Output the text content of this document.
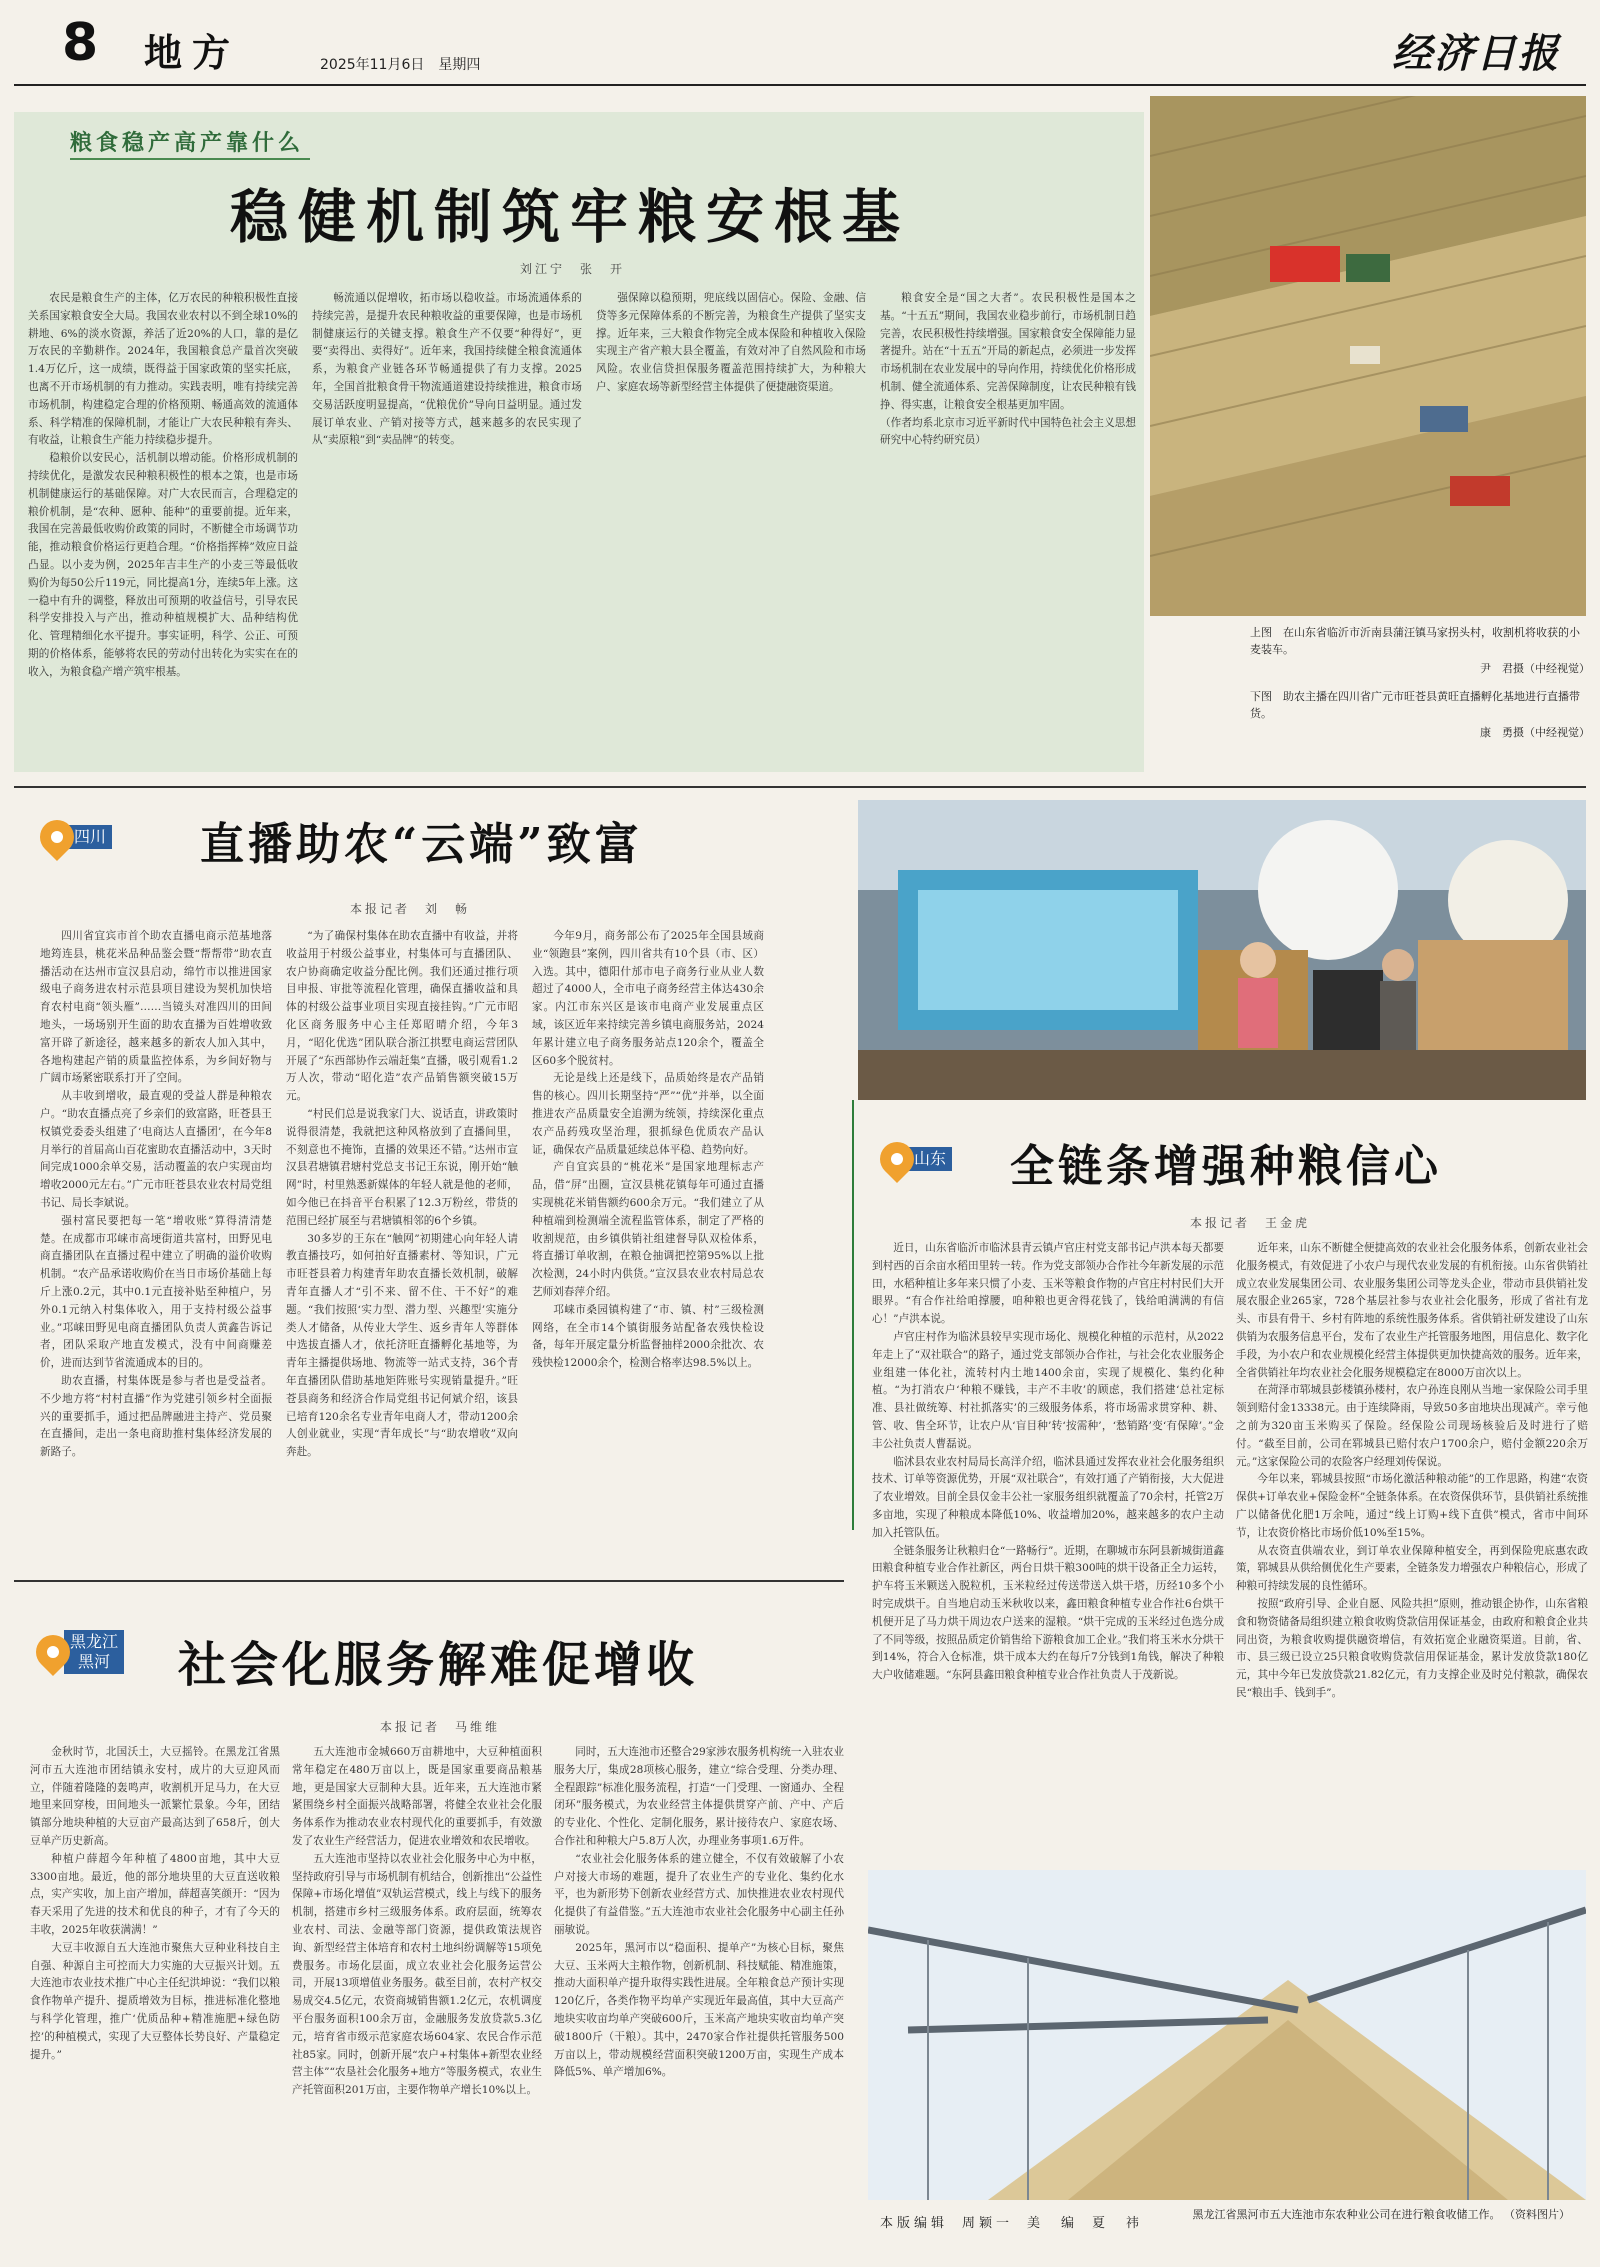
8 地方	2025年11月6日　星期四	经济日报
粮食稳产高产靠什么
稳健机制筑牢粮安根基
刘江宁　张　开

农民是粮食生产的主体，亿万农民的种粮积极性直接关系国家粮食安全大局。我国农业农村以不到全球10%的耕地、6%的淡水资源，养活了近20%的人口，靠的是亿万农民的辛勤耕作。2024年，我国粮食总产量首次突破1.4万亿斤，这一成绩，既得益于国家政策的坚实托底，也离不开市场机制的有力推动。实践表明，唯有持续完善市场机制，构建稳定合理的价格预期、畅通高效的流通体系、科学精准的保障机制，才能让广大农民种粮有奔头、有收益，让粮食生产能力持续稳步提升。

稳粮价以安民心，活机制以增动能。价格形成机制的持续优化，是激发农民种粮积极性的根本之策，也是市场机制健康运行的基础保障。对广大农民而言，合理稳定的粮价机制，是“农种、愿种、能种”的重要前提。近年来，我国在完善最低收购价政策的同时，不断健全市场调节功能，推动粮食价格运行更趋合理。“价格指挥棒”效应日益凸显。以小麦为例，2025年吉丰生产的小麦三等最低收购价为每50公斤119元，同比提高1分，连续5年上涨。这一稳中有升的调整，释放出可预期的收益信号，引导农民科学安排投入与产出，推动种植规模扩大、品种结构优化、管理精细化水平提升。事实证明，科学、公正、可预期的价格体系，能够将农民的劳动付出转化为实实在在的收入，为粮食稳产增产筑牢根基。

畅流通以促增收，拓市场以稳收益。市场流通体系的持续完善，是提升农民种粮收益的重要保障，也是市场机制健康运行的关键支撑。粮食生产不仅要“种得好”，更要“卖得出、卖得好”。近年来，我国持续健全粮食流通体系，为粮食产业链各环节畅通提供了有力支撑。2025年，全国首批粮食骨干物流通道建设持续推进，粮食市场交易活跃度明显提高，“优粮优价”导向日益明显。通过发展订单农业、产销对接等方式，越来越多的农民实现了从“卖原粮”到“卖品牌”的转变。

强保障以稳预期，兜底线以固信心。保险、金融、信贷等多元保障体系的不断完善，为粮食生产提供了坚实支撑。近年来，三大粮食作物完全成本保险和种植收入保险实现主产省产粮大县全覆盖，有效对冲了自然风险和市场风险。农业信贷担保服务覆盖范围持续扩大，为种粮大户、家庭农场等新型经营主体提供了便捷融资渠道。

粮食安全是“国之大者”。农民积极性是国本之基。“十五五”期间，我国农业稳步前行，市场机制日趋完善，农民积极性持续增强。国家粮食安全保障能力显著提升。站在“十五五”开局的新起点，必须进一步发挥市场机制在农业发展中的导向作用，持续优化价格形成机制、健全流通体系、完善保障制度，让农民种粮有钱挣、得实惠，让粮食安全根基更加牢固。

（作者均系北京市习近平新时代中国特色社会主义思想研究中心特约研究员）

上图　在山东省临沂市沂南县蒲汪镇马家拐头村，收割机将收获的小麦装车。
尹　君摄（中经视觉）
下图　助农主播在四川省广元市旺苍县黄旺直播孵化基地进行直播带货。
康　勇摄（中经视觉）
四川 直播助农“云端”致富
本报记者　刘　畅

四川省宜宾市首个助农直播电商示范基地落地筠连县，桃花米品种品鉴会暨“帮帮带”助农直播活动在达州市宣汉县启动，绵竹市以推进国家级电子商务进农村示范县项目建设为契机加快培育农村电商“领头雁”……当镜头对准四川的田间地头，一场场别开生面的助农直播为百姓增收致富开辟了新途径，越来越多的新农人加入其中，各地构建起产销的质量监控体系，为乡间好物与广阔市场紧密联系打开了空间。

从丰收到增收，最直观的受益人群是种粮农户。“助农直播点亮了乡亲们的致富路，旺苍县王权镇党委委头组建了‘电商达人直播团’，在今年8月举行的首届高山百花蜜助农直播活动中，3天时间完成1000余单交易，活动覆盖的农户实现亩均增收2000元左右。”广元市旺苍县农业农村局党组书记、局长李斌说。

强村富民要把每一笔“增收账”算得清清楚楚。在成都市邛崃市高埂街道共富村，田野见电商直播团队在直播过程中建立了明确的溢价收购机制。“农产品承诺收购价在当日市场价基础上每斤上涨0.2元，其中0.1元直接补贴至种植户，另外0.1元纳入村集体收入，用于支持村级公益事业。”邛崃田野见电商直播团队负责人黄鑫告诉记者，团队采取产地直发模式，没有中间商赚差价，进而达到节省流通成本的目的。

助农直播，村集体既是参与者也是受益者。不少地方将“村村直播”作为党建引领乡村全面振兴的重要抓手，通过把品牌融进主持产、党员聚在直播间，走出一条电商助推村集体经济发展的新路子。

“为了确保村集体在助农直播中有收益，并将收益用于村级公益事业，村集体可与直播团队、农户协商确定收益分配比例。我们还通过推行项目申报、审批等流程化管理，确保直播收益和具体的村级公益事业项目实现直接挂钩。”广元市昭化区商务服务中心主任郑昭晴介绍，今年3月，“昭化优选”团队联合浙江拱墅电商运营团队开展了“东西部协作云端赶集”直播，吸引观看1.2万人次，带动“昭化造”农产品销售额突破15万元。

“村民们总是说我家门大、说话直，讲政策时说得很清楚，我就把这种风格放到了直播间里，不刻意也不掩饰，直播的效果还不错。”达州市宣汉县君塘镇君塘村党总支书记王东说，刚开始“触网”时，村里熟悉新媒体的年轻人就是他的老师，如今他已在抖音平台积累了12.3万粉丝，带货的范围已经扩展至与君塘镇相邻的6个乡镇。

30多岁的王东在“触网”初期建心向年轻人请教直播技巧，如何拍好直播素材、等知识，广元市旺苍县着力构建青年助农直播长效机制，破解青年直播人才“引不来、留不住、干不好”的难题。“我们按照‘实力型、潜力型、兴趣型’实施分类人才储备，从传业大学生、返乡青年人等群体中选拔直播人才，依托济旺直播孵化基地等，为青年主播提供场地、物流等一站式支持，36个青年直播团队借助基地矩阵账号实现销量提升。”旺苍县商务和经济合作局党组书记何斌介绍，该县已培育120余名专业青年电商人才，带动1200余人创业就业，实现“青年成长”与“助农增收”双向奔赴。

今年9月，商务部公布了2025年全国县域商业“领跑县”案例，四川省共有10个县（市、区）入选。其中，德阳什邡市电子商务行业从业人数超过了4000人，全市电子商务经营主体达430余家。内江市东兴区是该市电商产业发展重点区域，该区近年来持续完善乡镇电商服务站，2024年累计建立电子商务服务站点120余个，覆盖全区60多个脱贫村。

无论是线上还是线下，品质始终是农产品销售的核心。四川长期坚持“严”“优”并举，以全面推进农产品质量安全追溯为统领，持续深化重点农产品药残攻坚治理，狠抓绿色优质农产品认证，确保农产品质量延续总体平稳、趋势向好。

产自宜宾县的“桃花米”是国家地理标志产品，借“屏”出圈，宣汉县桃花镇每年可通过直播实现桃花米销售额约600余万元。“我们建立了从种植端到检测端全流程监管体系，制定了严格的收割规范，由乡镇供销社组建督导队双检体系，将直播订单收割，在粮仓抽调把控第95%以上批次检测，24小时内供货。”宣汉县农业农村局总农艺师刘春萍介绍。

邛崃市桑园镇构建了“市、镇、村”三级检测网络，在全市14个镇街服务站配备农残快检设备，每年开展定量分析监督抽样2000余批次、农残快检12000余个，检测合格率达98.5%以上。

山东 全链条增强种粮信心
本报记者　王金虎

近日，山东省临沂市临沭县青云镇卢官庄村党支部书记卢洪本每天都要到村西的百余亩水稻田里转一转。作为党支部领办合作社今年新发展的示范田，水稻种植让多年来只惯了小麦、玉米等粮食作物的卢官庄村村民们大开眼界。“有合作社给咱撑腰，咱种粮也更舍得花钱了，钱给咱满满的有信心！”卢洪本说。

卢官庄村作为临沭县较早实现市场化、规模化种植的示范村，从2022年走上了“双社联合”的路子，通过党支部领办合作社，与社会化农业服务企业组建一体化社，流转村内土地1400余亩，实现了规模化、集约化种植。“为打消农户‘种粮不赚钱，丰产不丰收’的顾虑，我们搭建‘总社定标准、县社做统筹、村社抓落实’的三级服务体系，将市场需求贯穿种、耕、管、收、售全环节，让农户从‘盲目种’转‘按需种’，‘愁销路’变‘有保障’。”金丰公社负责人曹磊说。

临沭县农业农村局局长高洋介绍，临沭县通过发挥农业社会化服务组织技术、订单等资源优势，开展“双社联合”，有效打通了产销衔接，大大促进了农业增效。目前全县仅金丰公社一家服务组织就覆盖了70余村，托管2万多亩地，实现了种粮成本降低10%、收益增加20%，越来越多的农户主动加入托管队伍。

全链条服务让秋粮归仓“一路畅行”。近期，在聊城市东阿县新城街道鑫田粮食种植专业合作社新区，两台日烘干粮300吨的烘干设备正全力运转，护车将玉米颗送入脱粒机，玉米粒经过传送带送入烘干塔，历经10多个小时完成烘干。自当地启动玉米秋收以来，鑫田粮食种植专业合作社6台烘干机便开足了马力烘干周边农户送来的湿粮。“烘干完成的玉米经过色选分成了不同等级，按照品质定价销售给下游粮食加工企业。”我们将玉米水分烘干到14%，符合入仓标准，烘干成本大约在每斤7分钱到1角钱，解决了种粮大户收储难题。“东阿县鑫田粮食种植专业合作社负责人于茂新说。

近年来，山东不断健全便捷高效的农业社会化服务体系，创新农业社会化服务模式，有效促进了小农户与现代农业发展的有机衔接。山东省供销社成立农业发展集团公司、农业服务集团公司等龙头企业，带动市县供销社发展农服企业265家，728个基层社参与农业社会化服务，形成了省社有龙头、市县有骨干、乡村有阵地的系统性服务体系。省供销社研发建设了山东供销为农服务信息平台，发布了农业生产托管服务地图，用信息化、数字化手段，为小农户和农业规模化经营主体提供更加快捷高效的服务。近年来，全省供销社年均农业社会化服务规模稳定在8000万亩次以上。

在菏泽市郓城县彭楼镇孙楼村，农户孙连良刚从当地一家保险公司手里领到赔付金13338元。由于连续降雨，导致50多亩地块出现减产。幸亏他之前为320亩玉米购买了保险。经保险公司现场核验后及时进行了赔付。“截至目前，公司在郓城县已赔付农户1700余户，赔付金额220余万元。”这家保险公司的农险客户经理刘传保说。

今年以来，郓城县按照“市场化激活种粮动能”的工作思路，构建“农资保供+订单农业+保险金杯”全链条体系。在农资保供环节，县供销社系统推广以储备优化肥1万余吨，通过“线上订购+线下直供”模式，省市中间环节，让农资价格比市场价低10%至15%。

从农资直供端农业，到订单农业保障种植安全，再到保险兜底惠农政策，郓城县从供给侧优化生产要素，全链条发力增强农户种粮信心，形成了种粮可持续发展的良性循环。

按照“政府引导、企业自愿、风险共担”原则，推动银企协作，山东省粮食和物资储备局组织建立粮食收购贷款信用保证基金，由政府和粮食企业共同出资，为粮食收购提供融资增信，有效拓宽企业融资渠道。目前，省、市、县三级已设立25只粮食收购贷款信用保证基金，累计发放贷款180亿元，其中今年已发放贷款21.82亿元，有力支撑企业及时兑付粮款，确保农民“粮出手、钱到手”。

黑龙江
黑河 社会化服务解难促增收
本报记者　马维维

金秋时节，北国沃土，大豆摇铃。在黑龙江省黑河市五大连池市团结镇永安村，成片的大豆迎风而立，伴随着隆隆的轰鸣声，收割机开足马力，在大豆地里来回穿梭，田间地头一派繁忙景象。今年，团结镇部分地块种植的大豆亩产最高达到了658斤，创大豆单产历史新高。

种植户薛超今年种植了4800亩地，其中大豆3300亩地。最近，他的部分地块里的大豆直送收粮点，实产实收，加上亩产增加，薛超喜笑颜开：“因为春天采用了先进的技术和优良的种子，才有了今天的丰收，2025年收获满满！”

大豆丰收源自五大连池市聚焦大豆种业科技自主自强、种源自主可控而大力实施的大豆振兴计划。五大连池市农业技术推广中心主任纪洪坤说：“我们以粮食作物单产提升、提质增效为目标，推进标准化整地与科学化管理，推广‘优质品种+精准施肥+绿色防控’的种植模式，实现了大豆整体长势良好、产量稳定提升。”

五大连池市金城660万亩耕地中，大豆种植面积常年稳定在480万亩以上，既是国家重要商品粮基地，更是国家大豆制种大县。近年来，五大连池市紧紧围绕乡村全面振兴战略部署，将健全农业社会化服务体系作为推动农业农村现代化的重要抓手，有效激发了农业生产经营活力，促进农业增效和农民增收。

五大连池市坚持以农业社会化服务中心为中枢，坚持政府引导与市场机制有机结合，创新推出“公益性保障+市场化增值”双轨运营模式，线上与线下的服务机制，搭建市乡村三级服务体系。政府层面，统筹农业农村、司法、金融等部门资源，提供政策法规咨询、新型经营主体培育和农村土地纠纷调解等15项免费服务。市场化层面，成立农业社会化服务运营公司，开展13项增值业务服务。截至目前，农村产权交易成交4.5亿元，农资商城销售额1.2亿元，农机调度平台服务面积100余万亩，金融服务发放贷款5.3亿元，培育省市级示范家庭农场604家、农民合作示范社85家。同时，创新开展“农户+村集体+新型农业经营主体”“农垦社会化服务+地方”等服务模式，农业生产托管面积201万亩，主要作物单产增长10%以上。

同时，五大连池市还整合29家涉农服务机构统一入驻农业服务大厅，集成28项核心服务，建立“综合受理、分类办理、全程跟踪”标准化服务流程，打造“一门受理、一窗通办、全程闭环”服务模式，为农业经营主体提供贯穿产前、产中、产后的专业化、个性化、定制化服务，累计接待农户、家庭农场、合作社和种粮大户5.8万人次，办理业务事项1.6万件。

“农业社会化服务体系的建立健全，不仅有效破解了小农户对接大市场的难题，提升了农业生产的专业化、集约化水平，也为新形势下创新农业经营方式、加快推进农业农村现代化提供了有益借鉴。”五大连池市农业社会化服务中心副主任孙丽敏说。

2025年，黑河市以“稳面积、提单产”为核心目标，聚焦大豆、玉米两大主粮作物，创新机制、科技赋能、精准施策，推动大面积单产提升取得实践性进展。全年粮食总产预计实现120亿斤，各类作物平均单产实现近年最高值，其中大豆高产地块实收亩均单产突破600斤，玉米高产地块实收亩均单产突破1800斤（干粮）。其中，2470家合作社提供托管服务500万亩以上，带动规模经营面积突破1200万亩，实现生产成本降低5%、单产增加6%。

黑龙江省黑河市五大连池市东农种业公司在进行粮食收储工作。 （资料图片）
本版编辑 周颖一 美　编 夏　祎
